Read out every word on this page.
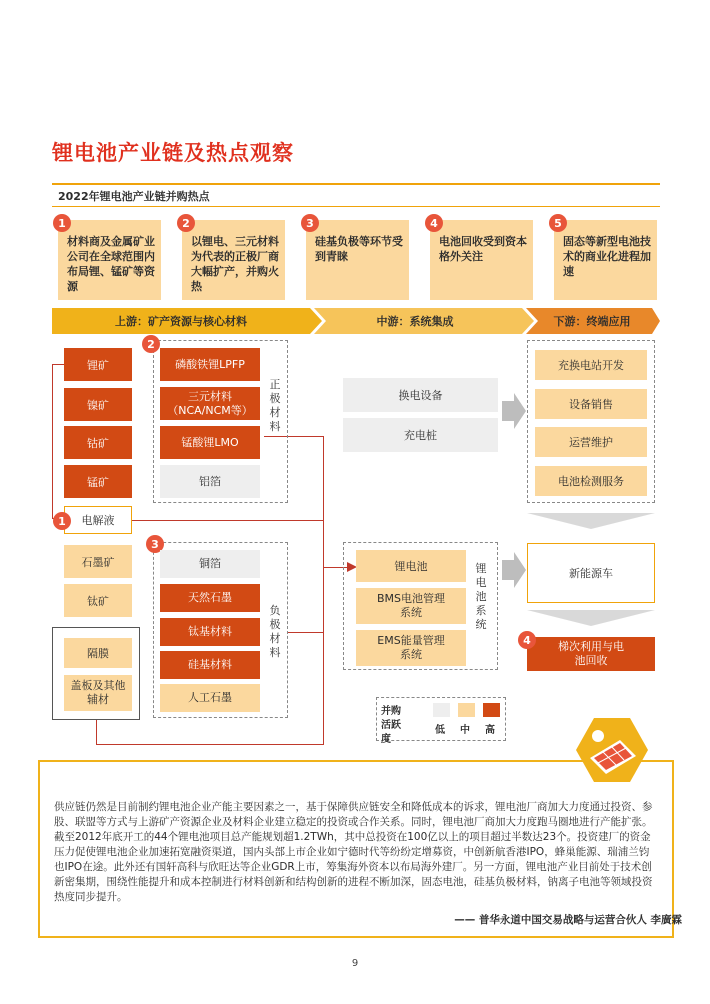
锂电池产业链及热点观察
2022年锂电池产业链并购热点
材料商及金属矿业公司在全球范围内布局锂、锰矿等资源
以锂电、三元材料为代表的正极厂商大幅扩产，并购火热
硅基负极等环节受到青睐
电池回收受到资本格外关注
固态等新型电池技术的商业化进程加速
1	2	3	4	5
上游：矿产资源与核心材料	中游：系统集成	下游：终端应用
锂矿
镍矿
钴矿
锰矿
电解液
1
石墨矿
钛矿
隔膜
盖板及其他辅材
2
磷酸铁锂LPFP
三元材料（NCA/NCM等）
锰酸锂LMO
铝箔
正极材料
3
铜箔
天然石墨
钛基材料
硅基材料
人工石墨
负极材料
换电设备
充电桩
锂电池
BMS电池管理系统
EMS能量管理系统
锂电池系统
充换电站开发
设备销售
运营维护
电池检测服务
新能源车
梯次利用与电池回收
4
并购活跃度
低 中 高
供应链仍然是目前制约锂电池企业产能主要因素之一，基于保障供应链安全和降低成本的诉求，锂电池厂商加大力度通过投资、参股、联盟等方式与上游矿产资源企业及材料企业建立稳定的投资或合作关系。同时，锂电池厂商加大力度跑马圈地进行产能扩张。截至2012年底开工的44个锂电池项目总产能规划超1.2TWh，其中总投资在100亿以上的项目超过半数达23个。投资建厂的资金压力促使锂电池企业加速拓宽融资渠道，国内头部上市企业如宁德时代等纷纷定增募资，中创新航香港IPO，蜂巢能源、瑞浦兰钧也IPO在途。此外还有国轩高科与欣旺达等企业GDR上市，筹集海外资本以布局海外建厂。另一方面，锂电池产业目前处于技术创新密集期，围绕性能提升和成本控制进行材料创新和结构创新的进程不断加深，固态电池，硅基负极材料，钠离子电池等领域投资热度同步提升。
—— 普华永道中国交易战略与运营合伙人 李廣霖
9
